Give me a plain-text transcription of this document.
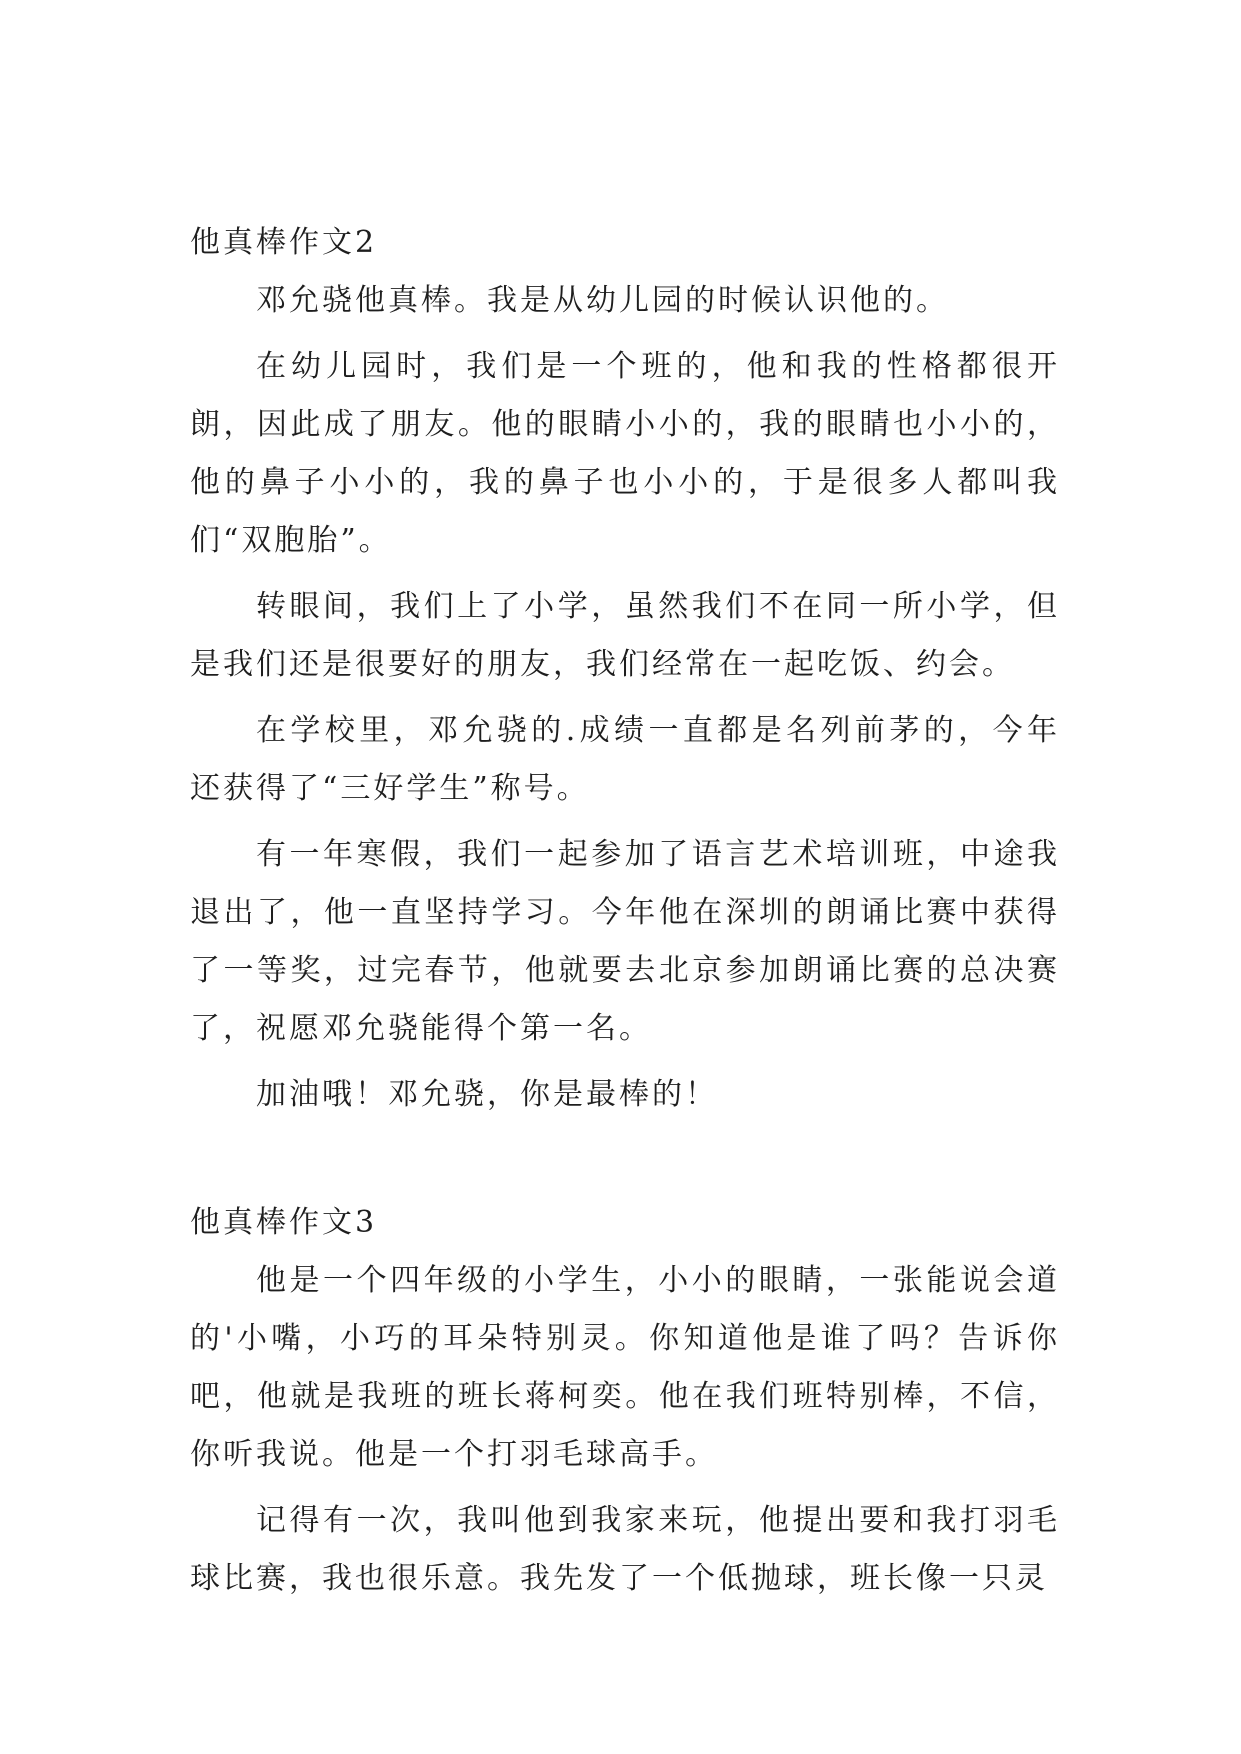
他真棒作文2

邓允骁他真棒。我是从幼儿园的时候认识他的。

在幼儿园时，我们是一个班的，他和我的性格都很开朗，因此成了朋友。他的眼睛小小的，我的眼睛也小小的，他的鼻子小小的，我的鼻子也小小的，于是很多人都叫我们“双胞胎”。

转眼间，我们上了小学，虽然我们不在同一所小学，但是我们还是很要好的朋友，我们经常在一起吃饭、约会。

在学校里，邓允骁的.成绩一直都是名列前茅的，今年还获得了“三好学生”称号。

有一年寒假，我们一起参加了语言艺术培训班，中途我退出了，他一直坚持学习。今年他在深圳的朗诵比赛中获得了一等奖，过完春节，他就要去北京参加朗诵比赛的总决赛了，祝愿邓允骁能得个第一名。

加油哦！邓允骁，你是最棒的！

他真棒作文3

他是一个四年级的小学生，小小的眼睛，一张能说会道的'小嘴，小巧的耳朵特别灵。你知道他是谁了吗？告诉你吧，他就是我班的班长蒋柯奕。他在我们班特别棒，不信，你听我说。他是一个打羽毛球高手。

记得有一次，我叫他到我家来玩，他提出要和我打羽毛球比赛，我也很乐意。我先发了一个低抛球，班长像一只灵
